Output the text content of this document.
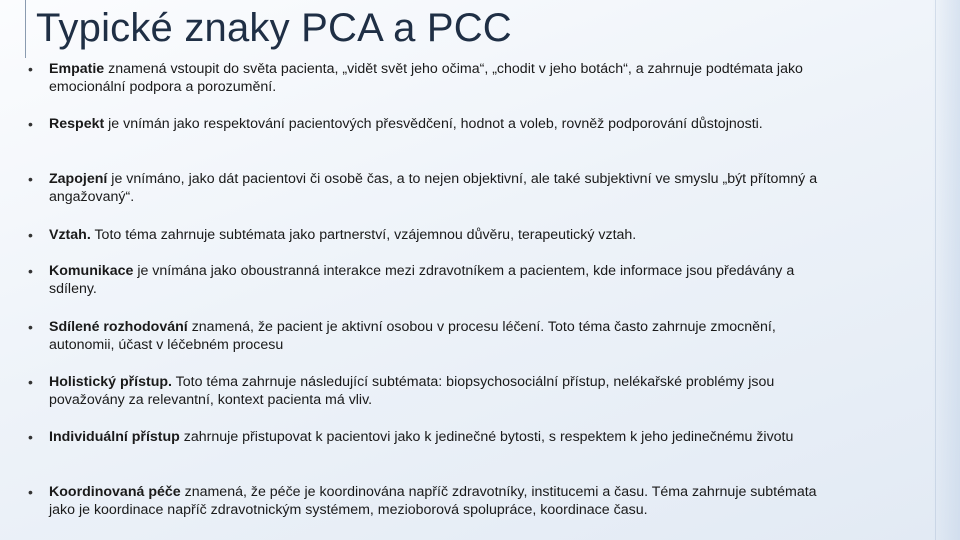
Typické znaky PCA a PCC
• Empatie znamená vstoupit do světa pacienta, „vidět svět jeho očima“, „chodit v jeho botách“, a zahrnuje podtémata jako emocionální podpora a porozumění.
• Respekt je vnímán jako respektování pacientových přesvědčení, hodnot a voleb, rovněž podporování důstojnosti.
• Zapojení je vnímáno, jako dát pacientovi či osobě čas, a to nejen objektivní, ale také subjektivní ve smyslu „být přítomný a angažovaný“.
• Vztah. Toto téma zahrnuje subtémata jako partnerství, vzájemnou důvěru, terapeutický vztah.
• Komunikace je vnímána jako oboustranná interakce mezi zdravotníkem a pacientem, kde informace jsou předávány a sdíleny.
• Sdílené rozhodování znamená, že pacient je aktivní osobou v procesu léčení. Toto téma často zahrnuje zmocnění, autonomii, účast v léčebném procesu
• Holistický přístup. Toto téma zahrnuje následující subtémata: biopsychosociální přístup, nelékařské problémy jsou považovány za relevantní, kontext pacienta má vliv.
• Individuální přístup zahrnuje přistupovat k pacientovi jako k jedinečné bytosti, s respektem k jeho jedinečnému životu
• Koordinovaná péče znamená, že péče je koordinována napříč zdravotníky, institucemi a času. Téma zahrnuje subtémata jako je koordinace napříč zdravotnickým systémem, mezioborová spolupráce, koordinace času.
